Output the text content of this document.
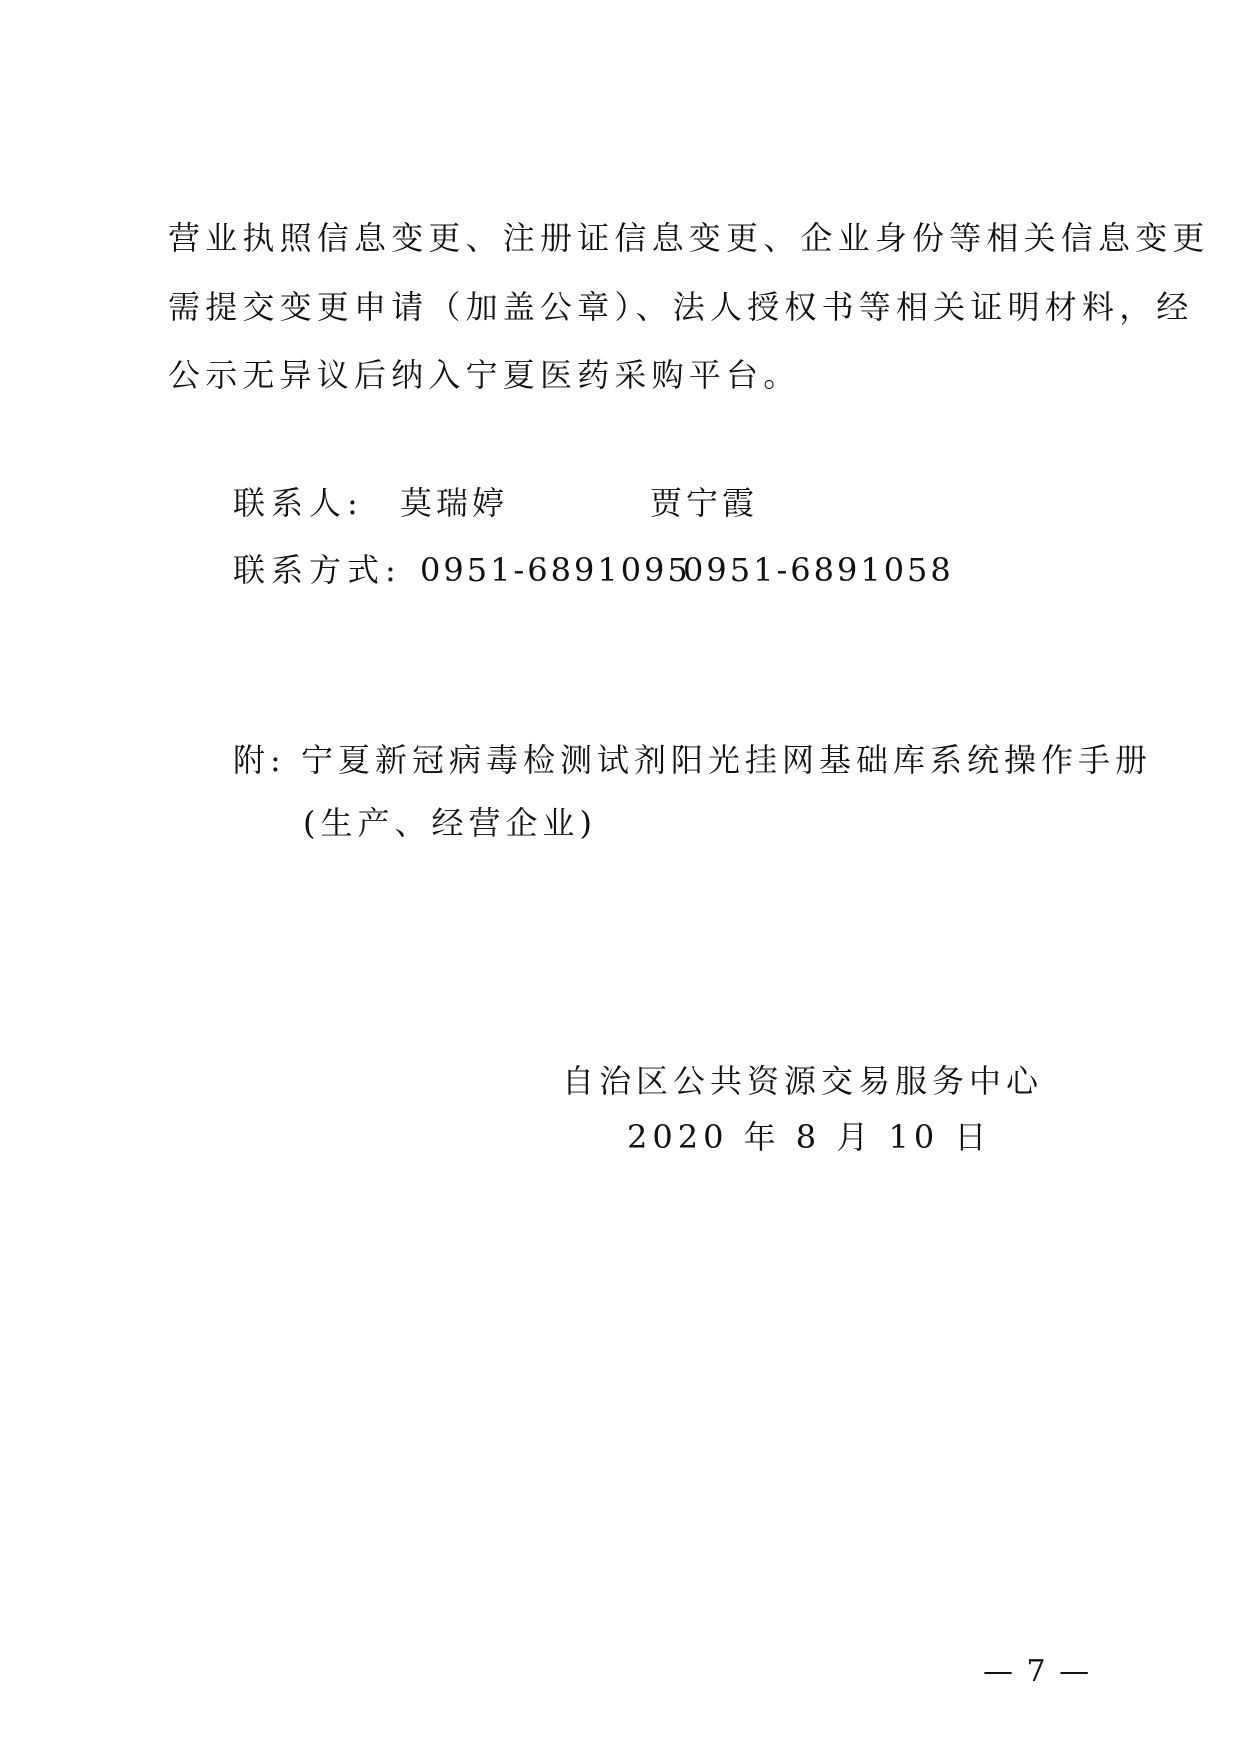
营业执照信息变更、注册证信息变更、企业身份等相关信息变更
需提交变更申请（加盖公章）、法人授权书等相关证明材料，经
公示无异议后纳入宁夏医药采购平台。
联系人: 莫瑞婷	贾宁霞
联系方式: 0951-6891095
0951-6891058
附: 宁夏新冠病毒检测试剂阳光挂网基础库系统操作手册
(生产、经营企业)
自治区公共资源交易服务中心
2020 年 8 月 10 日
— 7 —
